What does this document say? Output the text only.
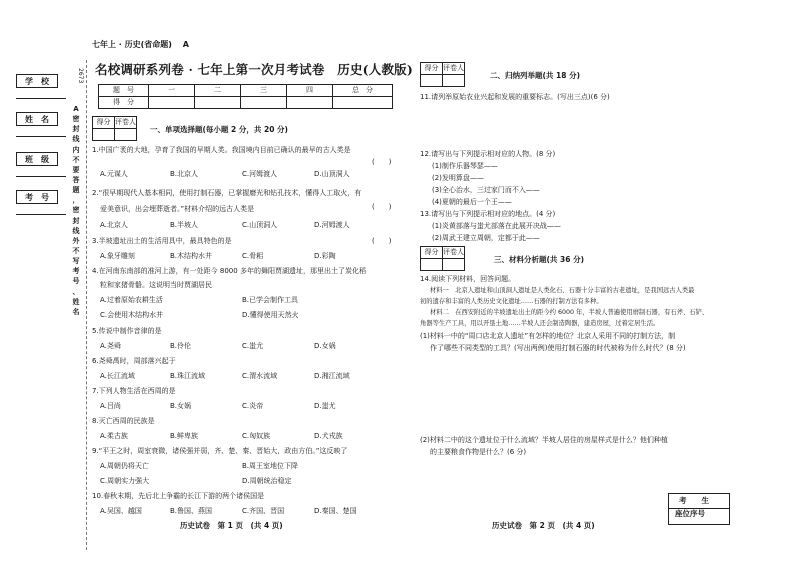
七年上 · 历史(省命题) A
学　校
姓　名
班　级
考　号
2673
A
密
封
线
内
不
要
答
题
，
密
封
线
外
不
写
考
号
、
姓
名
名校调研系列卷 · 七年上第一次月考试卷　历史(人教版)
题　号	一	二	三	四	总　分
得　分					
得分	评卷人

一、单项选择题(每小题 2 分，共 20 分)
1.中国广袤的大地，孕育了我国的早期人类。我国境内目前已确认的最早的古人类是
(　　)
A.元谋人	B.北京人	C.河姆渡人	D.山顶洞人
2.“很早期现代人基本相同，使用打制石器，已掌握磨光和钻孔技术，懂得人工取火，有
爱美意识，出会埋葬逝者。”材料介绍的远古人类是	(　　)
A.北京人	B.半坡人	C.山顶洞人	D.河姆渡人
3.半坡遗址出土的生活用具中，最具特色的是	(　　)
A.象牙雕刻	B.木结构水井	C.骨耜	D.彩陶
4.在河南东南部的准河上游，有一处距今 8000 多年的舞阳贾湖遗址，那里出土了炭化稻
粒和家猪骨骼。这说明当时贾湖居民
A.过着原始农耕生活	B.已学会制作工具
C.会使用木结构水井	D.懂得使用天然火
5.传说中制作音律的是
A.尧舜	B.伶伦	C.蚩尤	D.女娲
6.尧舜禹时，周部落兴起于
A.长江流域	B.珠江流域	C.渭水流域	D.湘江流域
7.下列人物生活在西周的是
A.吕尚	B.女娲	C.炎帝	D.蚩尤
8.灭亡西周的民族是
A.柔古族	B.鲜卑族	C.匈奴族	D.犬戎族
9.“平王之时，周室衰微，诸侯强并弱，齐、楚、秦、晋始大，政由方伯。”这反映了
A.周朝仍将天亡	B.周王室地位下降
C.周朝实力强大	D.周朝统治稳定
10.春秋末期，先后北上争霸的长江下游的两个诸侯国是
A.吴国、越国	B.鲁国、燕国	C.齐国、晋国	D.秦国、楚国
历史试卷　第 1 页　(共 4 页)
得分	评卷人

二、归纳列举题(共 18 分)
11.请列举原始农业兴起和发展的重要标志。(写出三点)(6 分)
12.请写出与下列提示相对应的人物。(8 分)
(1)制作乐器琴瑟——
(2)发明算盘——
(3)全心治水，三过家门而不入——
(4)夏朝的最后一个王——
13.请写出与下列提示相对应的地点。(4 分)
(1)炎黄部落与蚩尤部落在此展开决战——
(2)周武王建立周朝，定都于此——
得分	评卷人

三、材料分析题(共 36 分)
14.阅读下列材料，回答问题。
材料一　北京人遗址和山顶洞人遗址是人类化石、石器十分丰富的古老遗址，是我国远古人类最
初的遗存和丰富的人类历史文化遗址……石器的打制方法有多种。
材料二　在西安附近的半坡遗址出土的距今约 6000 年，半坡人普遍使用磨制石器，有石斧、石铲、
角器等生产工具，用以开垦土地……半坡人还会制造陶器，建造房屋，过着定居生活。
(1)材料一中的“周口店北京人遗址”有怎样的地位？北京人采用不同的打制方法，制
作了哪些不同类型的工具？(写出两例)使用打制石器的时代被称为什么时代？(8 分)
(2)材料二中的这个遗址位于什么流域？半坡人居住的房屋样式是什么？他们种植
的主要粮食作物是什么？(6 分)
考　　生
座位序号
历史试卷　第 2 页　(共 4 页)
